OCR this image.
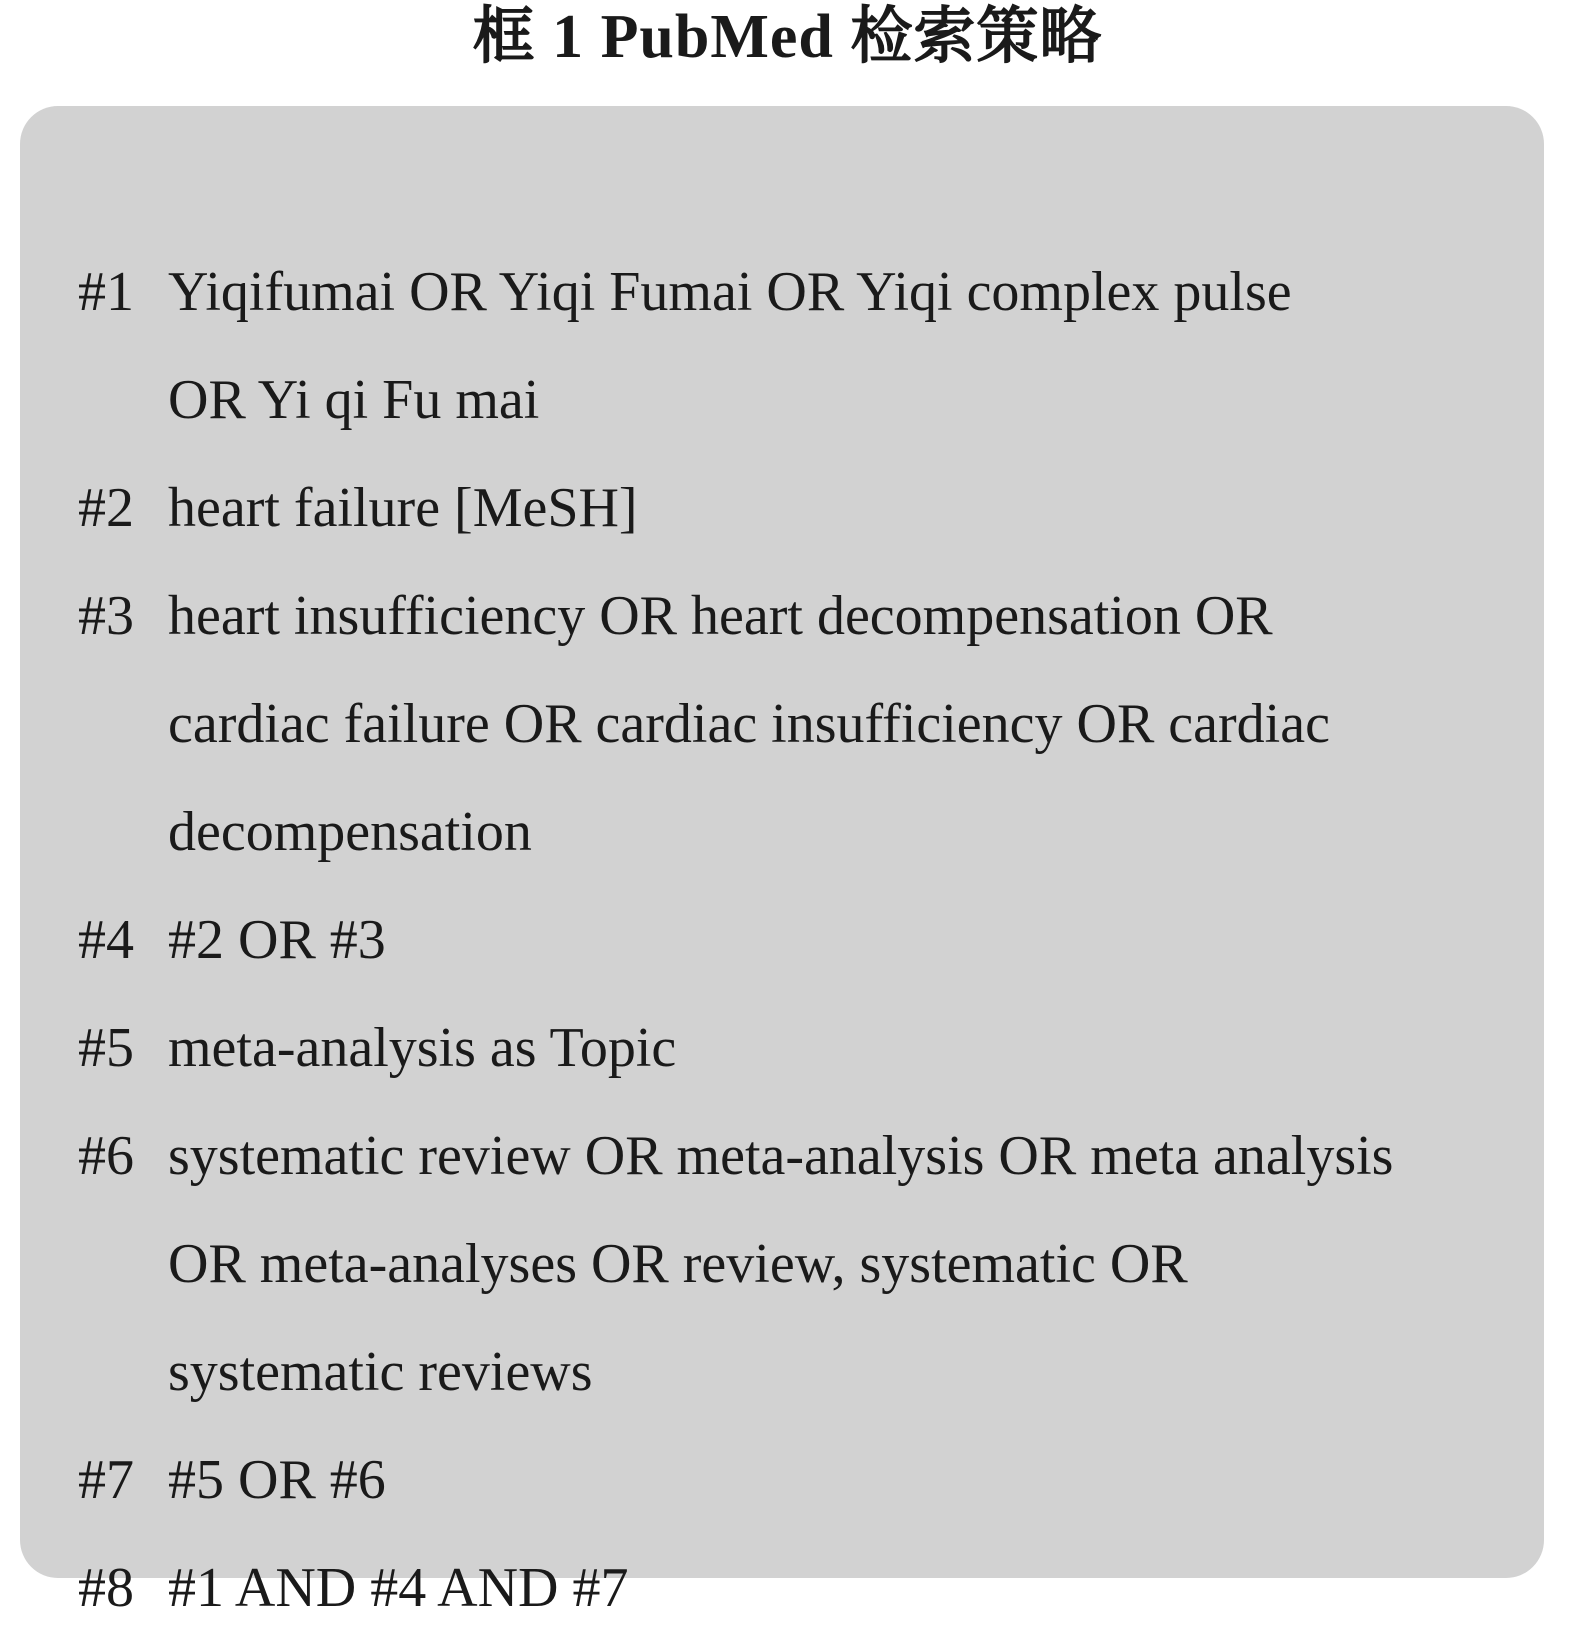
框 1 PubMed 检索策略
#1 Yiqifumai OR Yiqi Fumai OR Yiqi complex pulse
OR Yi qi Fu mai
#2 heart failure [MeSH]
#3 heart insufficiency OR heart decompensation OR
cardiac failure OR cardiac insufficiency OR cardiac
decompensation
#4 #2 OR #3
#5 meta-analysis as Topic
#6 systematic review OR meta-analysis OR meta analysis
OR meta-analyses OR review, systematic OR
systematic reviews
#7 #5 OR #6
#8 #1 AND #4 AND #7
